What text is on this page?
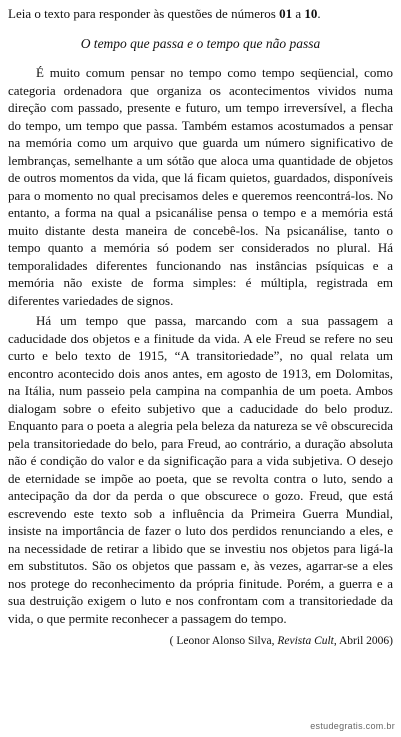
Leia o texto para responder às questões de números 01 a 10.

O tempo que passa e o tempo que não passa

É muito comum pensar no tempo como tempo seqüencial, como categoria ordenadora que organiza os acontecimentos vividos numa direção com passado, presente e futuro, um tempo irreversível, a flecha do tempo, um tempo que passa. Também estamos acostumados a pensar na memória como um arquivo que guarda um número significativo de lembranças, semelhante a um sótão que aloca uma quantidade de objetos de outros momentos da vida, que lá ficam quietos, guardados, disponíveis para o momento no qual precisamos deles e queremos reencontrá-los. No entanto, a forma na qual a psicanálise pensa o tempo e a memória está muito distante desta maneira de concebê-los. Na psicanálise, tanto o tempo quanto a memória só podem ser considerados no plural. Há temporalidades diferentes funcionando nas instâncias psíquicas e a memória não existe de forma simples: é múltipla, registrada em diferentes variedades de signos.

Há um tempo que passa, marcando com a sua passagem a caducidade dos objetos e a finitude da vida. A ele Freud se refere no seu curto e belo texto de 1915, “A transitoriedade”, no qual relata um encontro acontecido dois anos antes, em agosto de 1913, em Dolomitas, na Itália, num passeio pela campina na companhia de um poeta. Ambos dialogam sobre o efeito subjetivo que a caducidade do belo produz. Enquanto para o poeta a alegria pela beleza da natureza se vê obscurecida pela transitoriedade do belo, para Freud, ao contrário, a duração absoluta não é condição do valor e da significação para a vida subjetiva. O desejo de eternidade se impõe ao poeta, que se revolta contra o luto, sendo a antecipação da dor da perda o que obscurece o gozo. Freud, que está escrevendo este texto sob a influência da Primeira Guerra Mundial, insiste na importância de fazer o luto dos perdidos renunciando a eles, e na necessidade de retirar a libido que se investiu nos objetos para ligá-la em substitutos. São os objetos que passam e, às vezes, agarrar-se a eles nos protege do reconhecimento da própria finitude. Porém, a guerra e a sua destruição exigem o luto e nos confrontam com a transitoriedade da vida, o que permite reconhecer a passagem do tempo.

( Leonor Alonso Silva, Revista Cult, Abril 2006)
estudegratis.com.br
